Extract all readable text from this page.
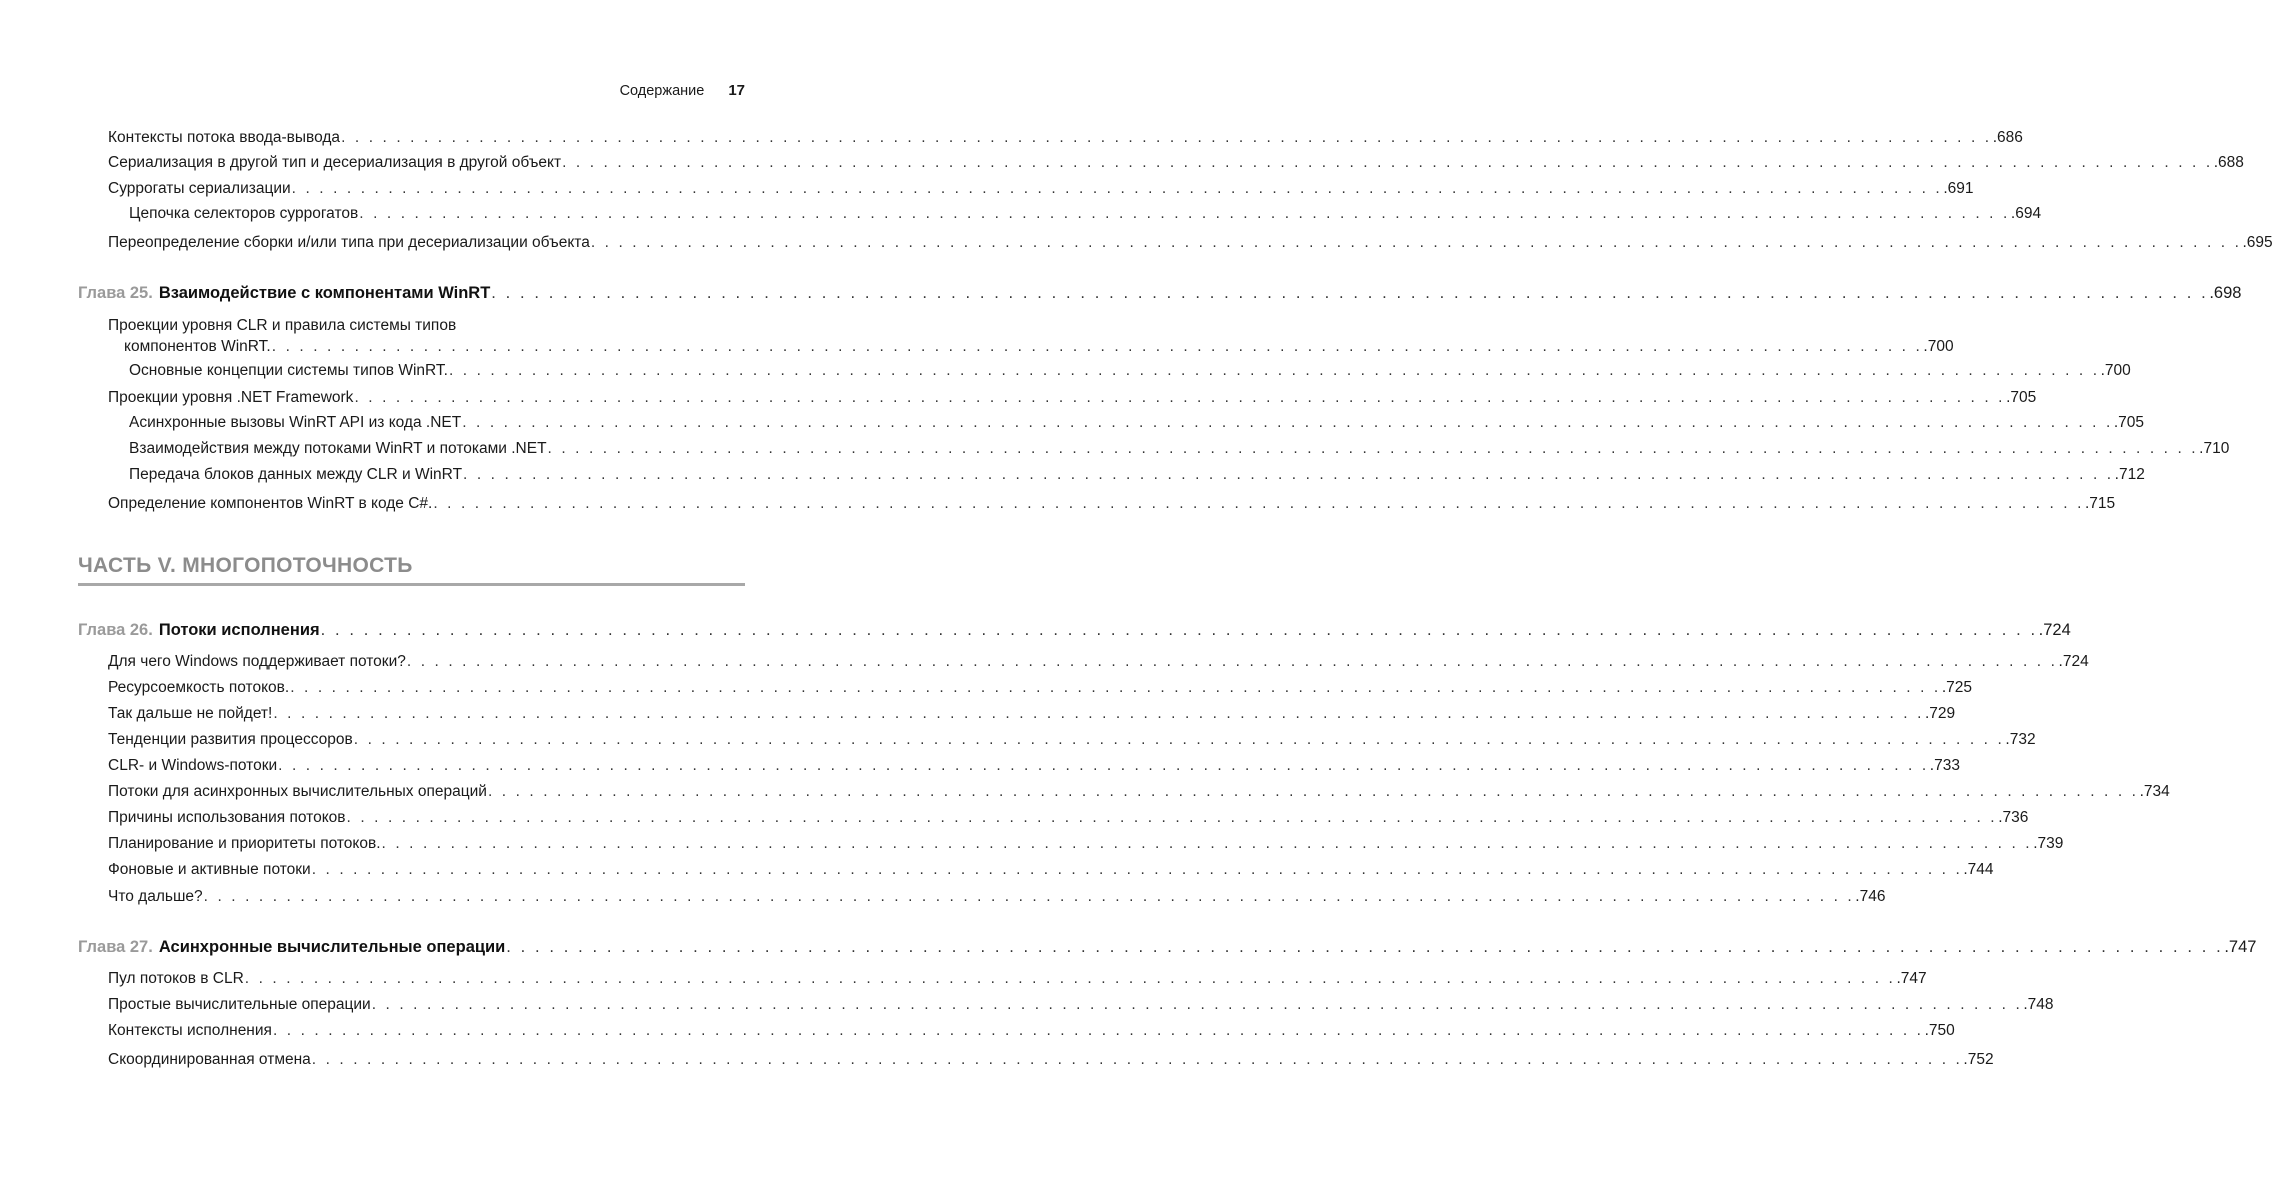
Содержание 17
Контексты потока ввода-вывода . . . . . . . . . . . . . . . . . . . . . . . . . . . . . . . . . . . . . . . . . . . . . . . . . . . . . . . . . . . . . . . . . . . . . . . . . . . . . . . . . . . . . . . . . . . . . . . . . . . . . . . . . . . . . . . . . . . . . . . . .686
Сериализация в другой тип и десериализация в другой объект . . . . . . . . . . . . . . . . . . . . . . . . . . . . . . . . . . . . . . . . . . . . . . . . . . . . . . . . . . . . . . . . . . . . . . . . . . . . . . . . . . . . . . . . . . . . . . . . . . . . . . . . . . . . . . . . . . . . . . . . .688
Суррогаты сериализации . . . . . . . . . . . . . . . . . . . . . . . . . . . . . . . . . . . . . . . . . . . . . . . . . . . . . . . . . . . . . . . . . . . . . . . . . . . . . . . . . . . . . . . . . . . . . . . . . . . . . . . . . . . . . . . . . . . . . . . . .691
Цепочка селекторов суррогатов . . . . . . . . . . . . . . . . . . . . . . . . . . . . . . . . . . . . . . . . . . . . . . . . . . . . . . . . . . . . . . . . . . . . . . . . . . . . . . . . . . . . . . . . . . . . . . . . . . . . . . . . . . . . . . . . . . . . . . . . .694
Переопределение сборки и/или типа при десериализации объекта . . . . . . . . . . . . . . . . . . . . . . . . . . . . . . . . . . . . . . . . . . . . . . . . . . . . . . . . . . . . . . . . . . . . . . . . . . . . . . . . . . . . . . . . . . . . . . . . . . . . . . . . . . . . . . . . . . . . . . . . .695
Глава 25. Взаимодействие с компонентами WinRT . . . . . . . . . . . . . . . . . . . . . . . . . . . . . . . . . . . . . . . . . . . . . . . . . . . . . . . . . . . . . . . . . . . . . . . . . . . . . . . . . . . . . . . . . . . . . . . . . . . . . . . . . . . . . . . . . . . . . . . . .698
Проекции уровня CLR и правила системы типов
компонентов WinRT. . . . . . . . . . . . . . . . . . . . . . . . . . . . . . . . . . . . . . . . . . . . . . . . . . . . . . . . . . . . . . . . . . . . . . . . . . . . . . . . . . . . . . . . . . . . . . . . . . . . . . . . . . . . . . . . . . . . . . . . . .700
Основные концепции системы типов WinRT. . . . . . . . . . . . . . . . . . . . . . . . . . . . . . . . . . . . . . . . . . . . . . . . . . . . . . . . . . . . . . . . . . . . . . . . . . . . . . . . . . . . . . . . . . . . . . . . . . . . . . . . . . . . . . . . . . . . . . . . . .700
Проекции уровня .NET Framework . . . . . . . . . . . . . . . . . . . . . . . . . . . . . . . . . . . . . . . . . . . . . . . . . . . . . . . . . . . . . . . . . . . . . . . . . . . . . . . . . . . . . . . . . . . . . . . . . . . . . . . . . . . . . . . . . . . . . . . . .705
Асинхронные вызовы WinRT API из кода .NET . . . . . . . . . . . . . . . . . . . . . . . . . . . . . . . . . . . . . . . . . . . . . . . . . . . . . . . . . . . . . . . . . . . . . . . . . . . . . . . . . . . . . . . . . . . . . . . . . . . . . . . . . . . . . . . . . . . . . . . . .705
Взаимодействия между потоками WinRT и потоками .NET . . . . . . . . . . . . . . . . . . . . . . . . . . . . . . . . . . . . . . . . . . . . . . . . . . . . . . . . . . . . . . . . . . . . . . . . . . . . . . . . . . . . . . . . . . . . . . . . . . . . . . . . . . . . . . . . . . . . . . . . .710
Передача блоков данных между CLR и WinRT . . . . . . . . . . . . . . . . . . . . . . . . . . . . . . . . . . . . . . . . . . . . . . . . . . . . . . . . . . . . . . . . . . . . . . . . . . . . . . . . . . . . . . . . . . . . . . . . . . . . . . . . . . . . . . . . . . . . . . . . .712
Определение компонентов WinRT в коде C#. . . . . . . . . . . . . . . . . . . . . . . . . . . . . . . . . . . . . . . . . . . . . . . . . . . . . . . . . . . . . . . . . . . . . . . . . . . . . . . . . . . . . . . . . . . . . . . . . . . . . . . . . . . . . . . . . . . . . . . . . .715
ЧАСТЬ V. МНОГОПОТОЧНОСТЬ
Глава 26. Потоки исполнения . . . . . . . . . . . . . . . . . . . . . . . . . . . . . . . . . . . . . . . . . . . . . . . . . . . . . . . . . . . . . . . . . . . . . . . . . . . . . . . . . . . . . . . . . . . . . . . . . . . . . . . . . . . . . . . . . . . . . . . . .724
Для чего Windows поддерживает потоки? . . . . . . . . . . . . . . . . . . . . . . . . . . . . . . . . . . . . . . . . . . . . . . . . . . . . . . . . . . . . . . . . . . . . . . . . . . . . . . . . . . . . . . . . . . . . . . . . . . . . . . . . . . . . . . . . . . . . . . . . .724
Ресурсоемкость потоков. . . . . . . . . . . . . . . . . . . . . . . . . . . . . . . . . . . . . . . . . . . . . . . . . . . . . . . . . . . . . . . . . . . . . . . . . . . . . . . . . . . . . . . . . . . . . . . . . . . . . . . . . . . . . . . . . . . . . . . . . .725
Так дальше не пойдет! . . . . . . . . . . . . . . . . . . . . . . . . . . . . . . . . . . . . . . . . . . . . . . . . . . . . . . . . . . . . . . . . . . . . . . . . . . . . . . . . . . . . . . . . . . . . . . . . . . . . . . . . . . . . . . . . . . . . . . . . .729
Тенденции развития процессоров . . . . . . . . . . . . . . . . . . . . . . . . . . . . . . . . . . . . . . . . . . . . . . . . . . . . . . . . . . . . . . . . . . . . . . . . . . . . . . . . . . . . . . . . . . . . . . . . . . . . . . . . . . . . . . . . . . . . . . . . .732
CLR- и Windows-потоки . . . . . . . . . . . . . . . . . . . . . . . . . . . . . . . . . . . . . . . . . . . . . . . . . . . . . . . . . . . . . . . . . . . . . . . . . . . . . . . . . . . . . . . . . . . . . . . . . . . . . . . . . . . . . . . . . . . . . . . . .733
Потоки для асинхронных вычислительных операций . . . . . . . . . . . . . . . . . . . . . . . . . . . . . . . . . . . . . . . . . . . . . . . . . . . . . . . . . . . . . . . . . . . . . . . . . . . . . . . . . . . . . . . . . . . . . . . . . . . . . . . . . . . . . . . . . . . . . . . . .734
Причины использования потоков . . . . . . . . . . . . . . . . . . . . . . . . . . . . . . . . . . . . . . . . . . . . . . . . . . . . . . . . . . . . . . . . . . . . . . . . . . . . . . . . . . . . . . . . . . . . . . . . . . . . . . . . . . . . . . . . . . . . . . . . .736
Планирование и приоритеты потоков. . . . . . . . . . . . . . . . . . . . . . . . . . . . . . . . . . . . . . . . . . . . . . . . . . . . . . . . . . . . . . . . . . . . . . . . . . . . . . . . . . . . . . . . . . . . . . . . . . . . . . . . . . . . . . . . . . . . . . . . . .739
Фоновые и активные потоки . . . . . . . . . . . . . . . . . . . . . . . . . . . . . . . . . . . . . . . . . . . . . . . . . . . . . . . . . . . . . . . . . . . . . . . . . . . . . . . . . . . . . . . . . . . . . . . . . . . . . . . . . . . . . . . . . . . . . . . . .744
Что дальше? . . . . . . . . . . . . . . . . . . . . . . . . . . . . . . . . . . . . . . . . . . . . . . . . . . . . . . . . . . . . . . . . . . . . . . . . . . . . . . . . . . . . . . . . . . . . . . . . . . . . . . . . . . . . . . . . . . . . . . . . .746
Глава 27. Асинхронные вычислительные операции . . . . . . . . . . . . . . . . . . . . . . . . . . . . . . . . . . . . . . . . . . . . . . . . . . . . . . . . . . . . . . . . . . . . . . . . . . . . . . . . . . . . . . . . . . . . . . . . . . . . . . . . . . . . . . . . . . . . . . . . .747
Пул потоков в CLR . . . . . . . . . . . . . . . . . . . . . . . . . . . . . . . . . . . . . . . . . . . . . . . . . . . . . . . . . . . . . . . . . . . . . . . . . . . . . . . . . . . . . . . . . . . . . . . . . . . . . . . . . . . . . . . . . . . . . . . . .747
Простые вычислительные операции . . . . . . . . . . . . . . . . . . . . . . . . . . . . . . . . . . . . . . . . . . . . . . . . . . . . . . . . . . . . . . . . . . . . . . . . . . . . . . . . . . . . . . . . . . . . . . . . . . . . . . . . . . . . . . . . . . . . . . . . .748
Контексты исполнения . . . . . . . . . . . . . . . . . . . . . . . . . . . . . . . . . . . . . . . . . . . . . . . . . . . . . . . . . . . . . . . . . . . . . . . . . . . . . . . . . . . . . . . . . . . . . . . . . . . . . . . . . . . . . . . . . . . . . . . . .750
Скоординированная отмена . . . . . . . . . . . . . . . . . . . . . . . . . . . . . . . . . . . . . . . . . . . . . . . . . . . . . . . . . . . . . . . . . . . . . . . . . . . . . . . . . . . . . . . . . . . . . . . . . . . . . . . . . . . . . . . . . . . . . . . . .752
